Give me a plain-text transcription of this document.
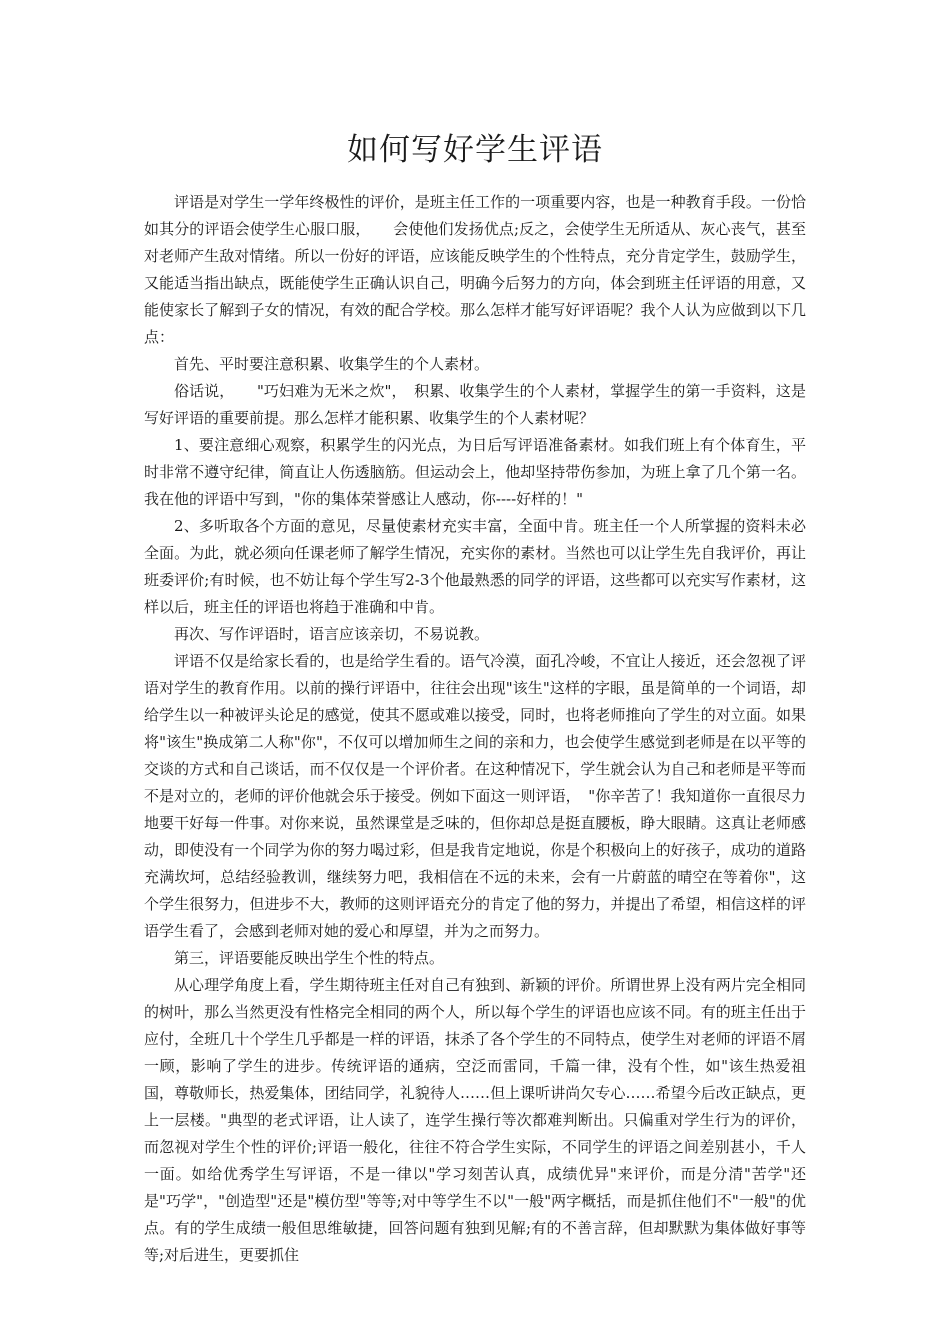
如何写好学生评语

评语是对学生一学年终极性的评价，是班主任工作的一项重要内容，也是一种教育手段。一份恰如其分的评语会使学生心服口服，　　会使他们发扬优点;反之，会使学生无所适从、灰心丧气，甚至对老师产生敌对情绪。所以一份好的评语，应该能反映学生的个性特点，充分肯定学生，鼓励学生，又能适当指出缺点，既能使学生正确认识自己，明确今后努力的方向，体会到班主任评语的用意，又能使家长了解到子女的情况，有效的配合学校。那么怎样才能写好评语呢？我个人认为应做到以下几点：

首先、平时要注意积累、收集学生的个人素材。

俗话说，　　"巧妇难为无米之炊"，　积累、收集学生的个人素材，掌握学生的第一手资料，这是写好评语的重要前提。那么怎样才能积累、收集学生的个人素材呢？

1、要注意细心观察，积累学生的闪光点，为日后写评语准备素材。如我们班上有个体育生，平时非常不遵守纪律，简直让人伤透脑筋。但运动会上，他却坚持带伤参加，为班上拿了几个第一名。我在他的评语中写到，"你的集体荣誉感让人感动，你----好样的！"

2、多听取各个方面的意见，尽量使素材充实丰富，全面中肯。班主任一个人所掌握的资料未必全面。为此，就必须向任课老师了解学生情况，充实你的素材。当然也可以让学生先自我评价，再让班委评价;有时候，也不妨让每个学生写2-3个他最熟悉的同学的评语，这些都可以充实写作素材，这样以后，班主任的评语也将趋于准确和中肯。

再次、写作评语时，语言应该亲切，不易说教。

评语不仅是给家长看的，也是给学生看的。语气冷漠，面孔冷峻，不宜让人接近，还会忽视了评语对学生的教育作用。以前的操行评语中，往往会出现"该生"这样的字眼，虽是简单的一个词语，却给学生以一种被评头论足的感觉，使其不愿或难以接受，同时，也将老师推向了学生的对立面。如果将"该生"换成第二人称"你"，不仅可以增加师生之间的亲和力，也会使学生感觉到老师是在以平等的交谈的方式和自己谈话，而不仅仅是一个评价者。在这种情况下，学生就会认为自己和老师是平等而不是对立的，老师的评价他就会乐于接受。例如下面这一则评语，　"你辛苦了！我知道你一直很尽力地要干好每一件事。对你来说，虽然课堂是乏味的，但你却总是挺直腰板，睁大眼睛。这真让老师感动，即使没有一个同学为你的努力喝过彩，但是我肯定地说，你是个积极向上的好孩子，成功的道路充满坎坷，总结经验教训，继续努力吧，我相信在不远的未来，会有一片蔚蓝的晴空在等着你"，这个学生很努力，但进步不大，教师的这则评语充分的肯定了他的努力，并提出了希望，相信这样的评语学生看了，会感到老师对她的爱心和厚望，并为之而努力。

第三，评语要能反映出学生个性的特点。

从心理学角度上看，学生期待班主任对自己有独到、新颖的评价。所谓世界上没有两片完全相同的树叶，那么当然更没有性格完全相同的两个人，所以每个学生的评语也应该不同。有的班主任出于应付，全班几十个学生几乎都是一样的评语，抹杀了各个学生的不同特点，使学生对老师的评语不屑一顾，影响了学生的进步。传统评语的通病，空泛而雷同，千篇一律，没有个性，如"该生热爱祖国，尊敬师长，热爱集体，团结同学，礼貌待人……但上课听讲尚欠专心……希望今后改正缺点，更上一层楼。"典型的老式评语，让人读了，连学生操行等次都难判断出。只偏重对学生行为的评价，而忽视对学生个性的评价;评语一般化，往往不符合学生实际，不同学生的评语之间差别甚小，千人一面。如给优秀学生写评语，不是一律以"学习刻苦认真，成绩优异"来评价，而是分清"苦学"还是"巧学"，"创造型"还是"模仿型"等等;对中等学生不以"一般"两字概括，而是抓住他们不"一般"的优点。有的学生成绩一般但思维敏捷，回答问题有独到见解;有的不善言辞，但却默默为集体做好事等等;对后进生，更要抓住
